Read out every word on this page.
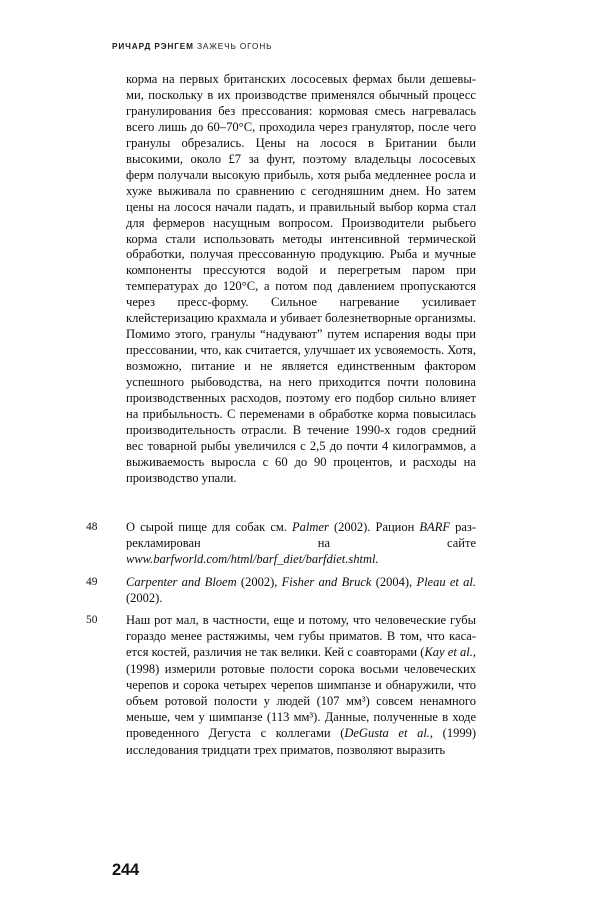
РИЧАРД РЭНГЕМ ЗАЖЕЧЬ ОГОНЬ

корма на первых британских лососевых фермах были дешевыми, поскольку в их производстве применялся обычный процесс гранулирования без прессования: кормовая смесь нагревалась всего лишь до 60–70°С, проходила через гранулятор, после чего гранулы обрезались. Цены на лосося в Британии были высокими, около £7 за фунт, поэтому владельцы лососевых ферм получали высокую прибыль, хотя рыба медленнее росла и хуже выживала по сравнению с сегодняшним днем. Но затем цены на лосося начали падать, и правильный выбор корма стал для фермеров насущным вопросом. Производители рыбьего корма стали использовать методы интенсивной термической обработки, получая прессованную продукцию. Рыба и мучные компоненты прессуются водой и перегретым паром при температурах до 120°С, а потом под давлением пропускаются через пресс-форму. Сильное нагревание усиливает клейстеризацию крахмала и убивает болезнетворные организмы. Помимо этого, гранулы “надувают” путем испарения воды при прессовании, что, как считается, улучшает их усвояемость. Хотя, возможно, питание и не является единственным фактором успешного рыбоводства, на него приходится почти половина производственных расходов, поэтому его подбор сильно влияет на прибыльность. С переменами в обработке корма повысилась производительность отрасли. В течение 1990-х годов средний вес товарной рыбы увеличился с 2,5 до почти 4 килограммов, а выживаемость выросла с 60 до 90 процентов, и расходы на производство упали.

48	О сырой пище для собак см. Palmer (2002). Рацион BARF разрекламирован на сайте www.barfworld.com/html/barf_diet/barfdiet.shtml.
49	Carpenter and Bloem (2002), Fisher and Bruck (2004), Pleau et al. (2002).
50	Наш рот мал, в частности, еще и потому, что человеческие губы гораздо менее растяжимы, чем губы приматов. В том, что касается костей, различия не так велики. Кей с соавторами (Kay et al., (1998) измерили ротовые полости сорока восьми человеческих черепов и сорока четырех черепов шимпанзе и обнаружили, что объем ротовой полости у людей (107 мм³) совсем ненамного меньше, чем у шимпанзе (113 мм³). Данные, полученные в ходе проведенного Дегуста с коллегами (DeGusta et al., (1999) исследования тридцати трех приматов, позволяют выразить
244
